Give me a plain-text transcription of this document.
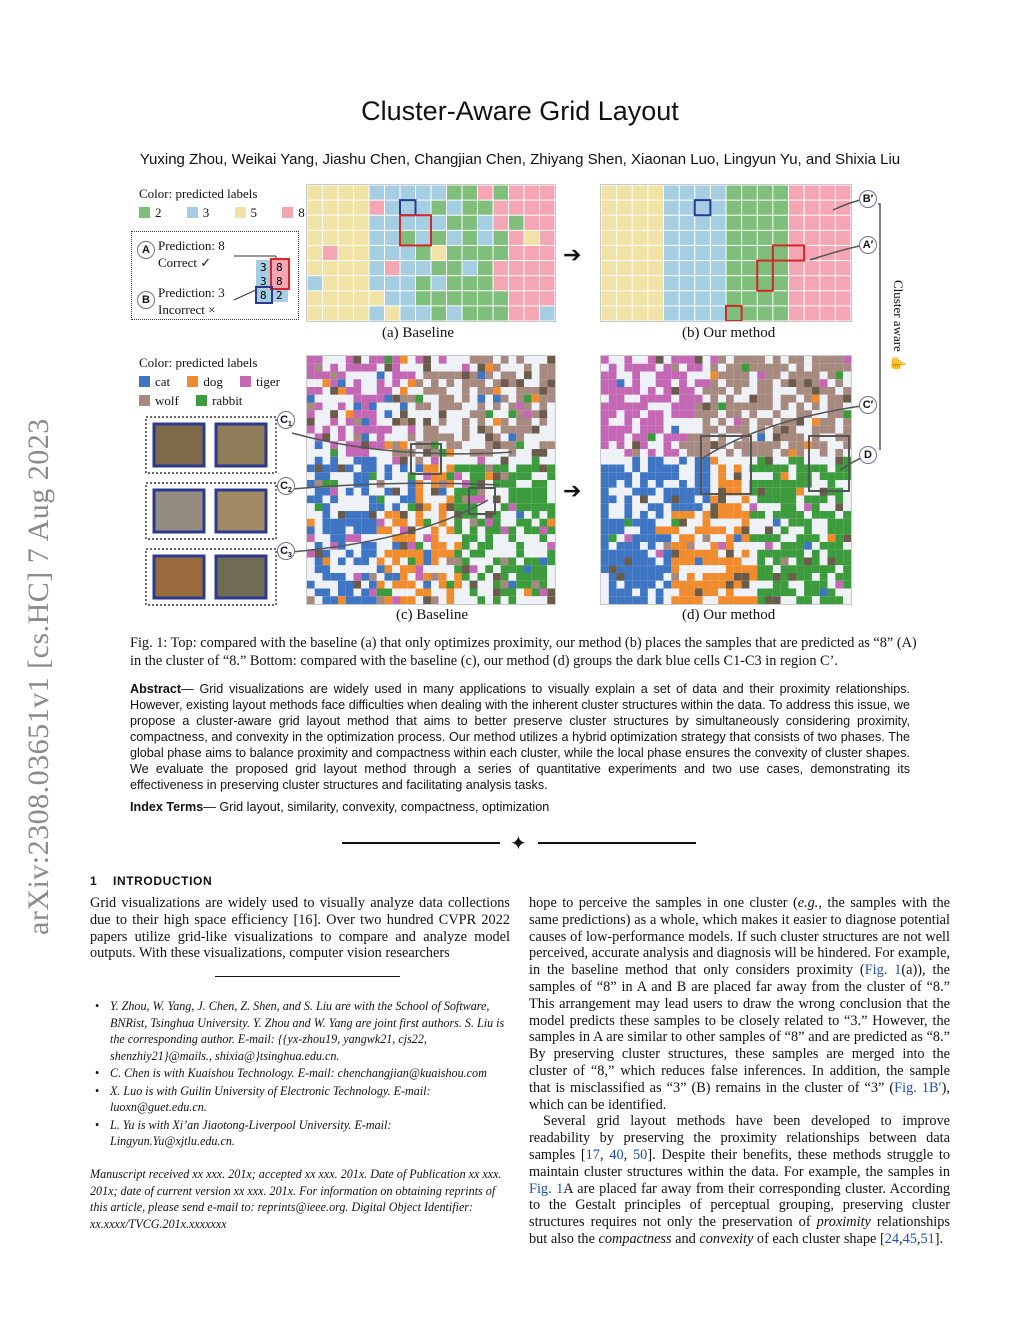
arXiv:2308.03651v1 [cs.HC] 7 Aug 2023
Cluster-Aware Grid Layout
Yuxing Zhou, Weikai Yang, Jiashu Chen, Changjian Chen, Zhiyang Shen, Xiaonan Luo, Lingyun Yu, and Shixia Liu
Color: predicted labels
2	3	5	8
A Prediction: 8
Correct ✓
B Prediction: 3
Incorrect ×
3 8
3 8
8 2
➔
➔
(a) Baseline	(b) Our method
Color: predicted labels
cat	dog	tiger
wolf	rabbit
$C_1$
$C_2$
$C_3$
B′
A′
C′
D
Cluster aware 👍
(c) Baseline	(d) Our method
Fig. 1: Top: compared with the baseline (a) that only optimizes proximity, our method (b) places the samples that are predicted as “8” (A) in the cluster of “8.” Bottom: compared with the baseline (c), our method (d) groups the dark blue cells C1-C3 in region C’.
Abstract— Grid visualizations are widely used in many applications to visually explain a set of data and their proximity relationships. However, existing layout methods face difficulties when dealing with the inherent cluster structures within the data. To address this issue, we propose a cluster-aware grid layout method that aims to better preserve cluster structures by simultaneously considering proximity, compactness, and convexity in the optimization process. Our method utilizes a hybrid optimization strategy that consists of two phases. The global phase aims to balance proximity and compactness within each cluster, while the local phase ensures the convexity of cluster shapes. We evaluate the proposed grid layout method through a series of quantitative experiments and two use cases, demonstrating its effectiveness in preserving cluster structures and facilitating analysis tasks.
Index Terms— Grid layout, similarity, convexity, compactness, optimization
✦
1 INTRODUCTION
Grid visualizations are widely used to visually analyze data collections due to their high space efficiency [16]. Over two hundred CVPR 2022 papers utilize grid-like visualizations to compare and analyze model outputs. With these visualizations, computer vision researchers
• Y. Zhou, W. Yang, J. Chen, Z. Shen, and S. Liu are with the School of Software, BNRist, Tsinghua University. Y. Zhou and W. Yang are joint first authors. S. Liu is the corresponding author. E-mail: {{yx-zhou19, yangwk21, cjs22, shenzhiy21}@mails., shixia@}tsinghua.edu.cn.
• C. Chen is with Kuaishou Technology. E-mail: chenchangjian@kuaishou.com
• X. Luo is with Guilin University of Electronic Technology. E-mail: luoxn@guet.edu.cn.
• L. Yu is with Xi’an Jiaotong-Liverpool University. E-mail: Lingyun.Yu@xjtlu.edu.cn.
Manuscript received xx xxx. 201x; accepted xx xxx. 201x. Date of Publication xx xxx. 201x; date of current version xx xxx. 201x. For information on obtaining reprints of this article, please send e-mail to: reprints@ieee.org. Digital Object Identifier: xx.xxxx/TVCG.201x.xxxxxxx

hope to perceive the samples in one cluster (e.g., the samples with the same predictions) as a whole, which makes it easier to diagnose potential causes of low-performance models. If such cluster structures are not well perceived, accurate analysis and diagnosis will be hindered. For example, in the baseline method that only considers proximity (Fig. 1(a)), the samples of “8” in A and B are placed far away from the cluster of “8.” This arrangement may lead users to draw the wrong conclusion that the model predicts these samples to be closely related to “3.” However, the samples in A are similar to other samples of “8” and are predicted as “8.” By preserving cluster structures, these samples are merged into the cluster of “8,” which reduces false inferences. In addition, the sample that is misclassified as “3” (B) remains in the cluster of “3” (Fig. 1B′), which can be identified.

Several grid layout methods have been developed to improve readability by preserving the proximity relationships between data samples [17, 40, 50]. Despite their benefits, these methods struggle to maintain cluster structures within the data. For example, the samples in Fig. 1A are placed far away from their corresponding cluster. According to the Gestalt principles of perceptual grouping, preserving cluster structures requires not only the preservation of proximity relationships but also the compactness and convexity of each cluster shape [24,45,51].
